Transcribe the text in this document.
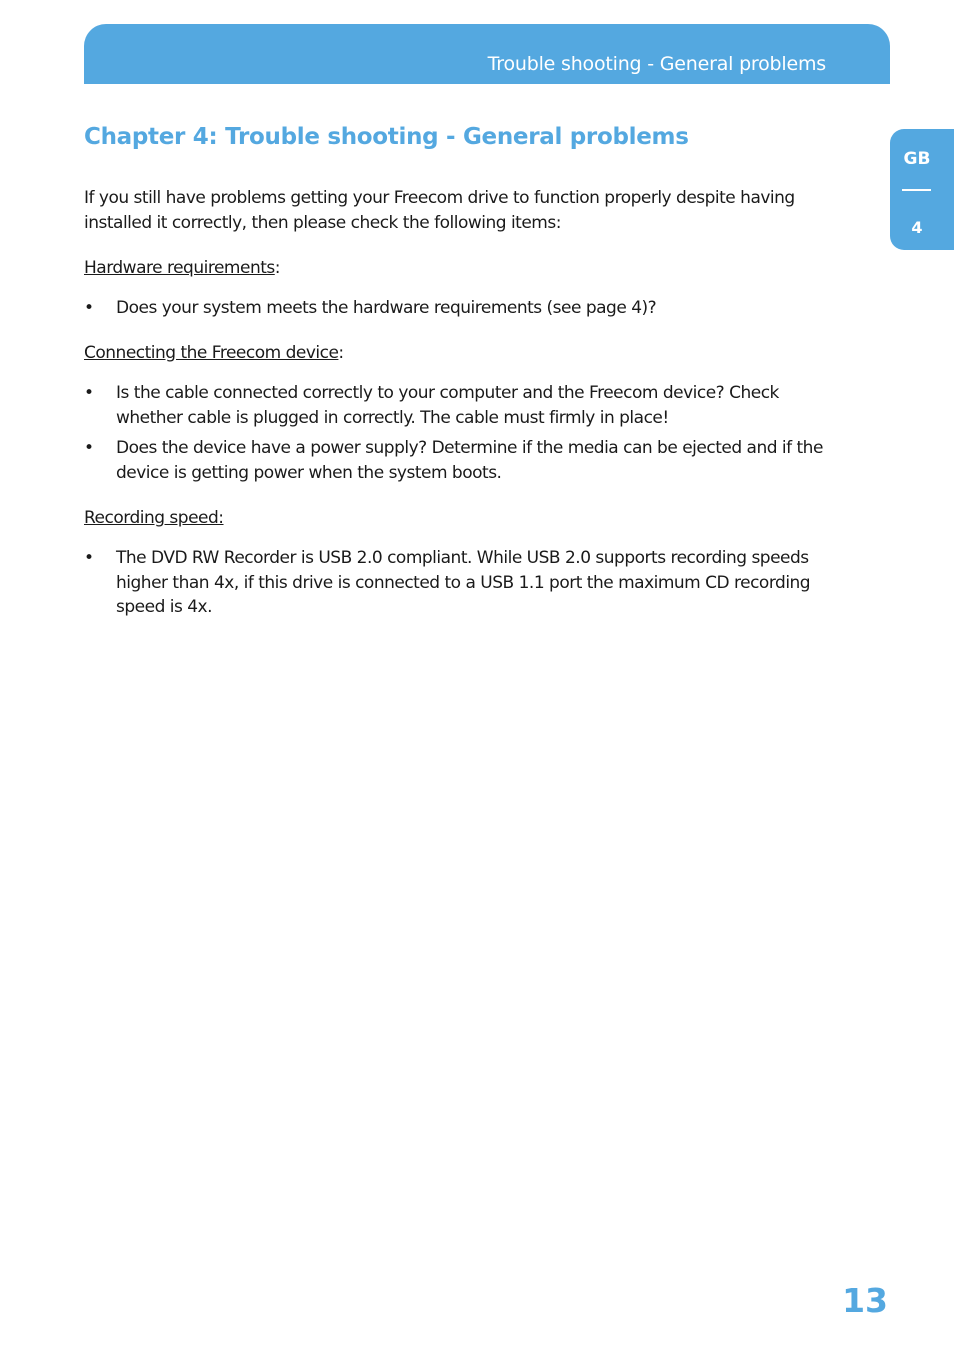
Trouble shooting - General problems
GB
4
Chapter 4: Trouble shooting - General problems

If you still have problems getting your Freecom drive to function properly despite having installed it correctly, then please check the following items:

Hardware requirements:

•	Does your system meets the hardware requirements (see page 4)?

Connecting the Freecom device:

•	Is the cable connected correctly to your computer and the Freecom device? Check whether cable is plugged in correctly. The cable must firmly in place!
•	Does the device have a power supply? Determine if the media can be ejected and if the device is getting power when the system boots.

Recording speed:

•	The DVD RW Recorder is USB 2.0 compliant. While USB 2.0 supports recording speeds higher than 4x, if this drive is connected to a USB 1.1 port the maximum CD recording speed is 4x.
13
